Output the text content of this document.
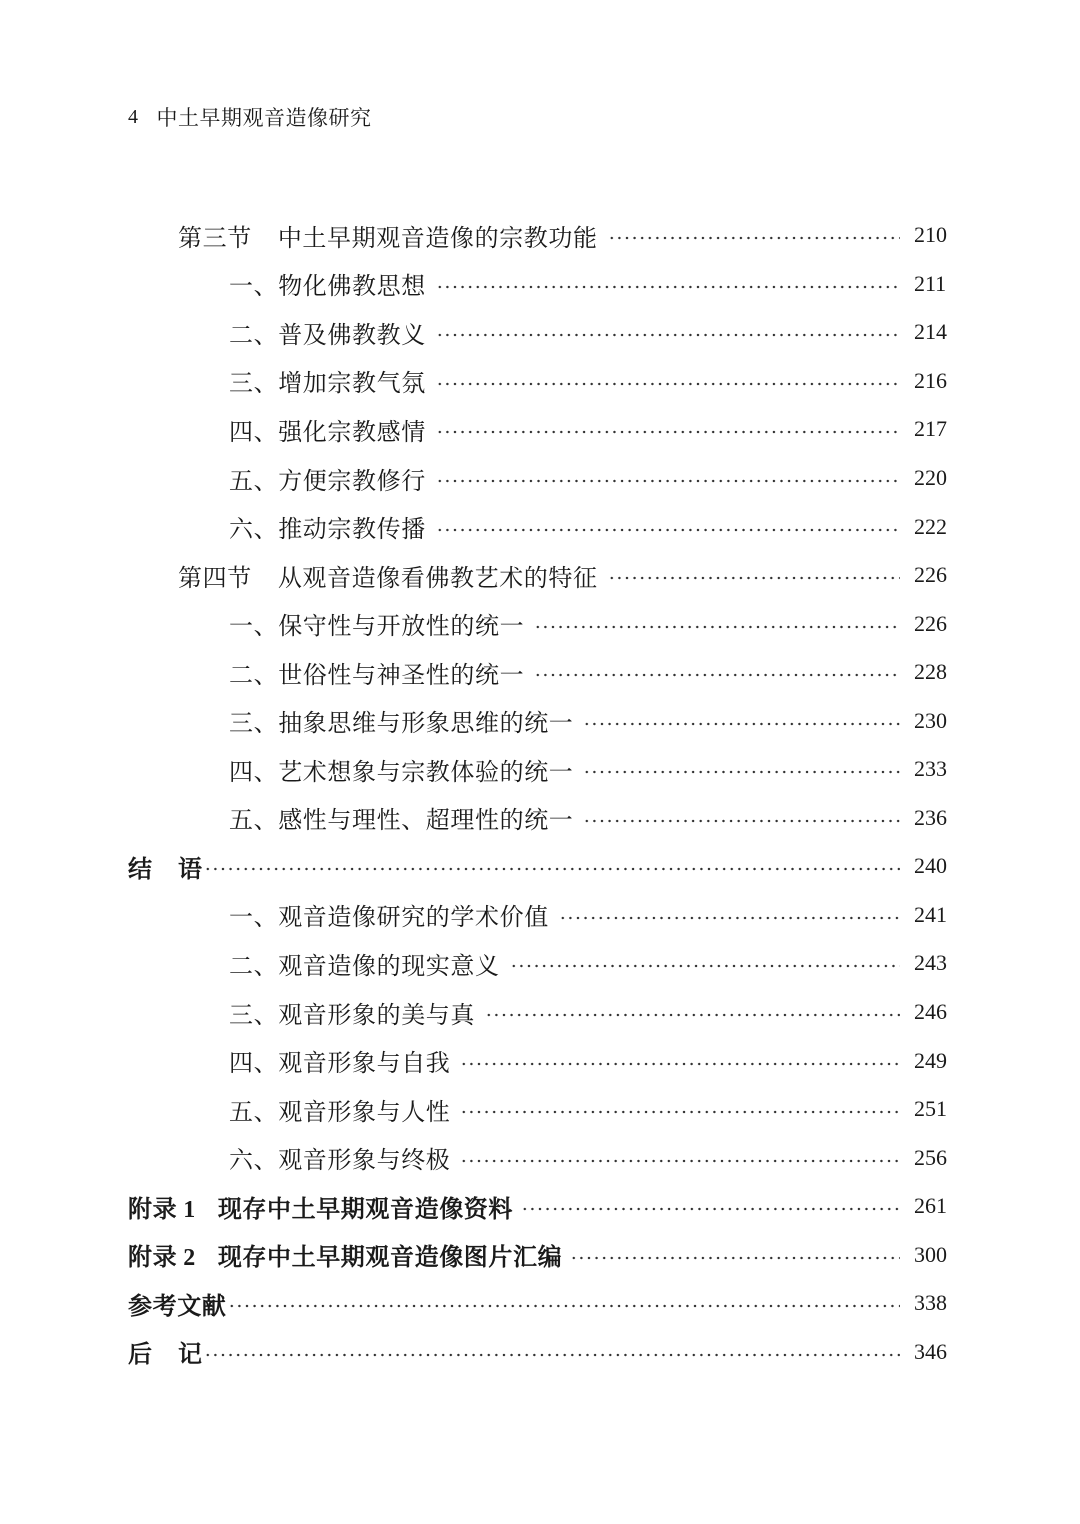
4 中土早期观音造像研究
第三节 中土早期观音造像的宗教功能	210
一、物化佛教思想	211
二、普及佛教教义	214
三、增加宗教气氛	216
四、强化宗教感情	217
五、方便宗教修行	220
六、推动宗教传播	222
第四节 从观音造像看佛教艺术的特征	226
一、保守性与开放性的统一	226
二、世俗性与神圣性的统一	228
三、抽象思维与形象思维的统一	230
四、艺术想象与宗教体验的统一	233
五、感性与理性、超理性的统一	236
结语	240
一、观音造像研究的学术价值	241
二、观音造像的现实意义	243
三、观音形象的美与真	246
四、观音形象与自我	249
五、观音形象与人性	251
六、观音形象与终极	256
附录 1 现存中土早期观音造像资料	261
附录 2 现存中土早期观音造像图片汇编	300
参考文献	338
后记	346
